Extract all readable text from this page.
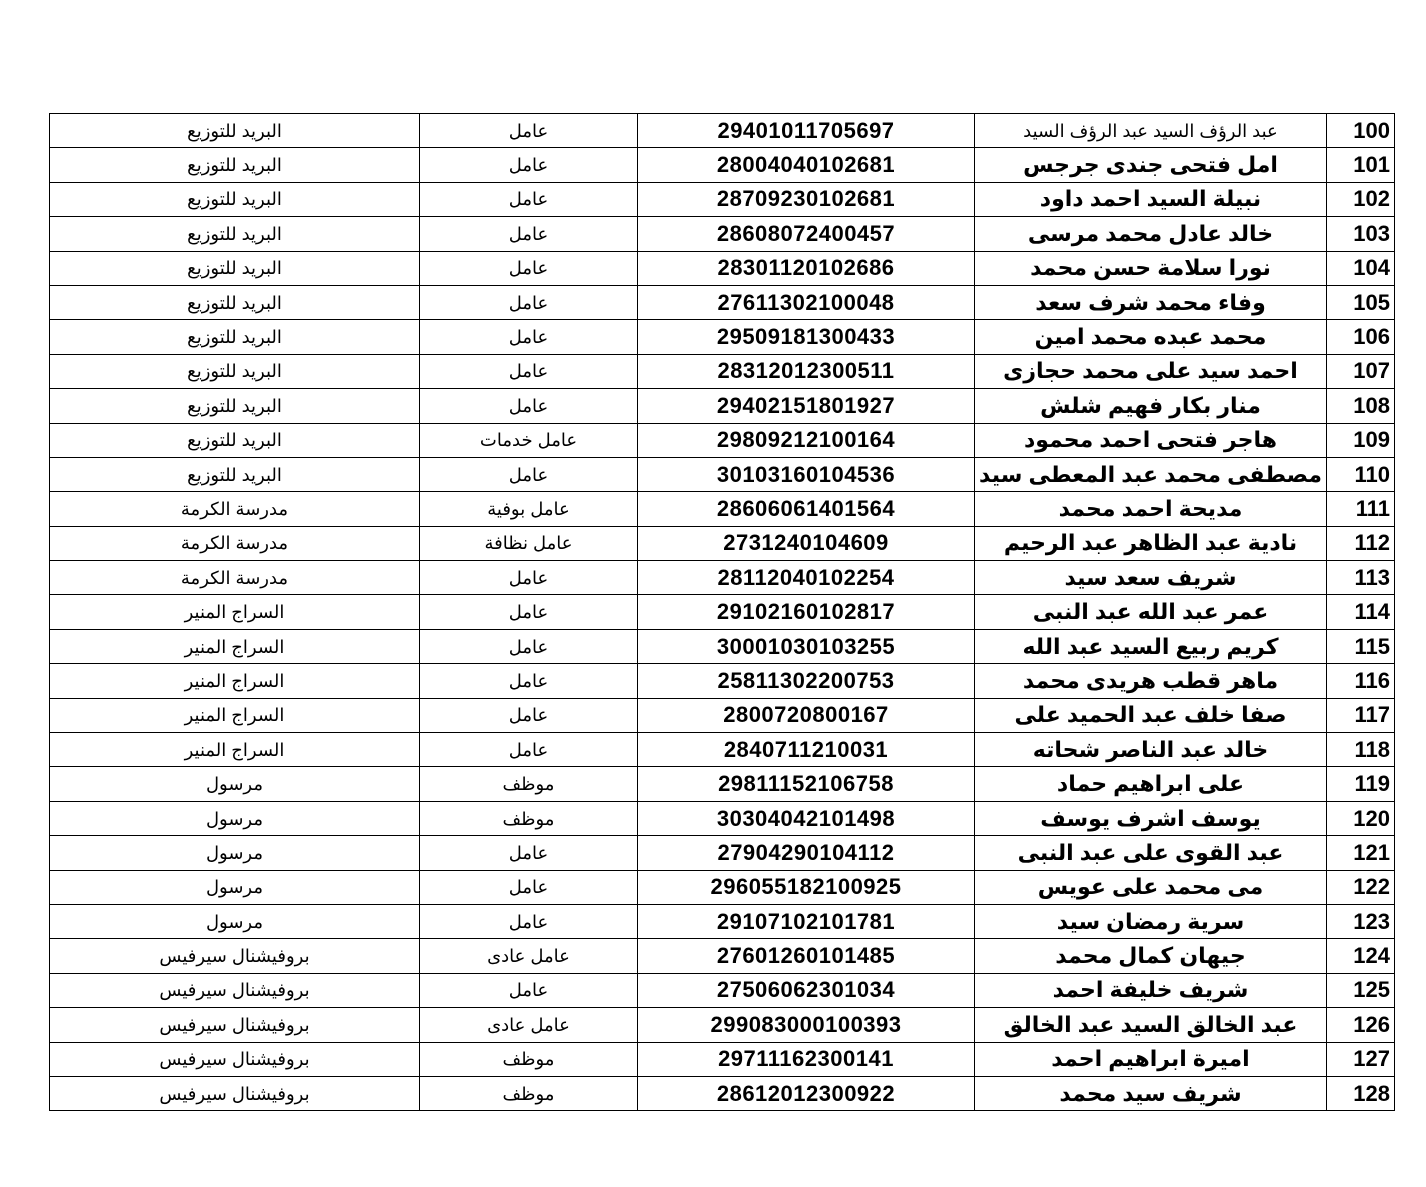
البريد للتوزيع	عامل	29401011705697	عبد الرؤف السيد عبد الرؤف السيد	100
البريد للتوزيع	عامل	28004040102681	امل فتحى جندى جرجس	101
البريد للتوزيع	عامل	28709230102681	نبيلة السيد احمد داود	102
البريد للتوزيع	عامل	28608072400457	خالد عادل محمد مرسى	103
البريد للتوزيع	عامل	28301120102686	نورا سلامة حسن محمد	104
البريد للتوزيع	عامل	27611302100048	وفاء محمد شرف سعد	105
البريد للتوزيع	عامل	29509181300433	محمد عبده محمد امين	106
البريد للتوزيع	عامل	28312012300511	احمد سيد على محمد حجازى	107
البريد للتوزيع	عامل	29402151801927	منار بكار فهيم شلش	108
البريد للتوزيع	عامل خدمات	29809212100164	هاجر فتحى احمد محمود	109
البريد للتوزيع	عامل	30103160104536	مصطفى محمد عبد المعطى سيد	110
مدرسة الكرمة	عامل بوفية	28606061401564	مديحة احمد محمد	111
مدرسة الكرمة	عامل نظافة	2731240104609	نادية عبد الظاهر عبد الرحيم	112
مدرسة الكرمة	عامل	28112040102254	شريف سعد سيد	113
السراج المنير	عامل	29102160102817	عمر عبد الله عبد النبى	114
السراج المنير	عامل	30001030103255	كريم ربيع السيد عبد الله	115
السراج المنير	عامل	25811302200753	ماهر قطب هريدى محمد	116
السراج المنير	عامل	2800720800167	صفا خلف عبد الحميد على	117
السراج المنير	عامل	2840711210031	خالد عبد الناصر شحاته	118
مرسول	موظف	29811152106758	على ابراهيم حماد	119
مرسول	موظف	30304042101498	يوسف اشرف يوسف	120
مرسول	عامل	27904290104112	عبد القوى على عبد النبى	121
مرسول	عامل	296055182100925	مى محمد على عويس	122
مرسول	عامل	29107102101781	سرية رمضان سيد	123
بروفيشنال سيرفيس	عامل عادى	27601260101485	جيهان كمال محمد	124
بروفيشنال سيرفيس	عامل	27506062301034	شريف خليفة احمد	125
بروفيشنال سيرفيس	عامل عادى	299083000100393	عبد الخالق السيد عبد الخالق	126
بروفيشنال سيرفيس	موظف	29711162300141	اميرة ابراهيم احمد	127
بروفيشنال سيرفيس	موظف	28612012300922	شريف سيد محمد	128
